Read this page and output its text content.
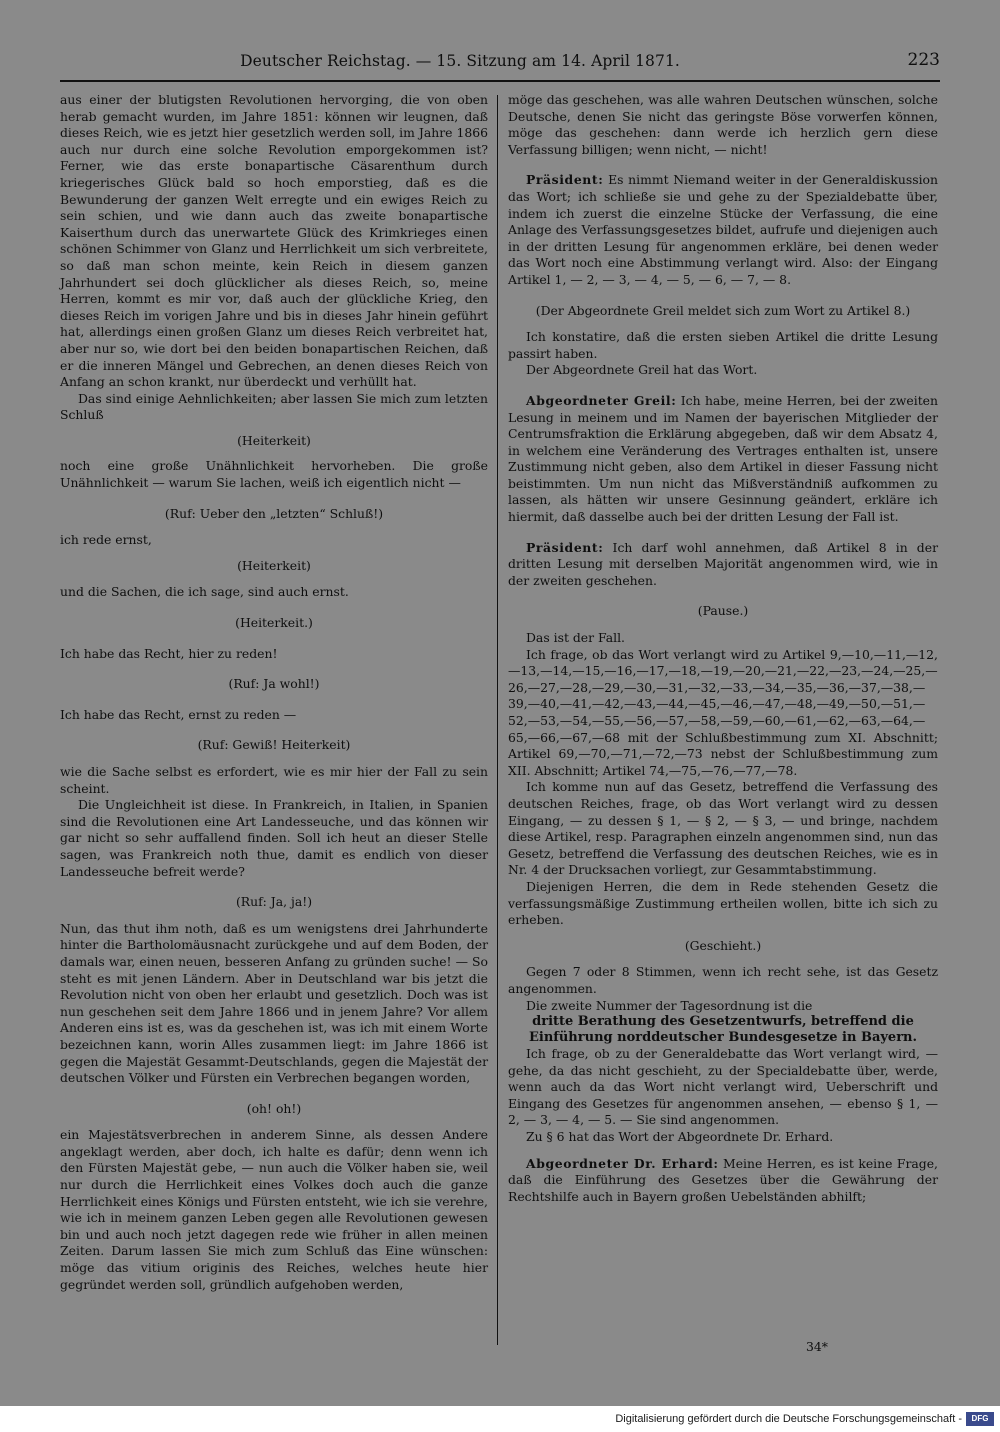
Deutscher Reichstag. — 15. Sitzung am 14. April 1871.	223

aus einer der blutigsten Revolutionen hervorging, die von oben herab gemacht wurden, im Jahre 1851: können wir leugnen, daß dieses Reich, wie es jetzt hier gesetzlich werden soll, im Jahre 1866 auch nur durch eine solche Revolution emporgekommen ist? Ferner, wie das erste bonapartische Cäsarenthum durch kriegerisches Glück bald so hoch emporstieg, daß es die Bewunderung der ganzen Welt erregte und ein ewiges Reich zu sein schien, und wie dann auch das zweite bonapartische Kaiserthum durch das unerwartete Glück des Krimkrieges einen schönen Schimmer von Glanz und Herrlichkeit um sich verbreitete, so daß man schon meinte, kein Reich in diesem ganzen Jahrhundert sei doch glücklicher als dieses Reich, so, meine Herren, kommt es mir vor, daß auch der glückliche Krieg, den dieses Reich im vorigen Jahre und bis in dieses Jahr hinein geführt hat, allerdings einen großen Glanz um dieses Reich verbreitet hat, aber nur so, wie dort bei den beiden bonapartischen Reichen, daß er die inneren Mängel und Gebrechen, an denen dieses Reich von Anfang an schon krankt, nur überdeckt und verhüllt hat.

Das sind einige Aehnlichkeiten; aber lassen Sie mich zum letzten Schluß

(Heiterkeit)

noch eine große Unähnlichkeit hervorheben. Die große Unähnlichkeit — warum Sie lachen, weiß ich eigentlich nicht —

(Ruf: Ueber den „letzten“ Schluß!)

ich rede ernst,

(Heiterkeit)

und die Sachen, die ich sage, sind auch ernst.

(Heiterkeit.)

Ich habe das Recht, hier zu reden!

(Ruf: Ja wohl!)

Ich habe das Recht, ernst zu reden —

(Ruf: Gewiß! Heiterkeit)

wie die Sache selbst es erfordert, wie es mir hier der Fall zu sein scheint.

Die Ungleichheit ist diese. In Frankreich, in Italien, in Spanien sind die Revolutionen eine Art Landesseuche, und das können wir gar nicht so sehr auffallend finden. Soll ich heut an dieser Stelle sagen, was Frankreich noth thue, damit es endlich von dieser Landesseuche befreit werde?

(Ruf: Ja, ja!)

Nun, das thut ihm noth, daß es um wenigstens drei Jahrhunderte hinter die Bartholomäusnacht zurückgehe und auf dem Boden, der damals war, einen neuen, besseren Anfang zu gründen suche! — So steht es mit jenen Ländern. Aber in Deutschland war bis jetzt die Revolution nicht von oben her erlaubt und gesetzlich. Doch was ist nun geschehen seit dem Jahre 1866 und in jenem Jahre? Vor allem Anderen eins ist es, was da geschehen ist, was ich mit einem Worte bezeichnen kann, worin Alles zusammen liegt: im Jahre 1866 ist gegen die Majestät Gesammt-Deutschlands, gegen die Majestät der deutschen Völker und Fürsten ein Verbrechen begangen worden,

(oh! oh!)

ein Majestätsverbrechen in anderem Sinne, als dessen Andere angeklagt werden, aber doch, ich halte es dafür; denn wenn ich den Fürsten Majestät gebe, — nun auch die Völker haben sie, weil nur durch die Herrlichkeit eines Volkes doch auch die ganze Herrlichkeit eines Königs und Fürsten entsteht, wie ich sie verehre, wie ich in meinem ganzen Leben gegen alle Revolutionen gewesen bin und auch noch jetzt dagegen rede wie früher in allen meinen Zeiten. Darum lassen Sie mich zum Schluß das Eine wünschen: möge das vitium originis des Reiches, welches heute hier gegründet werden soll, gründlich aufgehoben werden,

möge das geschehen, was alle wahren Deutschen wünschen, solche Deutsche, denen Sie nicht das geringste Böse vorwerfen können, möge das geschehen: dann werde ich herzlich gern diese Verfassung billigen; wenn nicht, — nicht!

Präsident: Es nimmt Niemand weiter in der Generaldiskussion das Wort; ich schließe sie und gehe zu der Spezialdebatte über, indem ich zuerst die einzelne Stücke der Verfassung, die eine Anlage des Verfassungsgesetzes bildet, aufrufe und diejenigen auch in der dritten Lesung für angenommen erkläre, bei denen weder das Wort noch eine Abstimmung verlangt wird. Also: der Eingang Artikel 1, — 2, — 3, — 4, — 5, — 6, — 7, — 8.

(Der Abgeordnete Greil meldet sich zum Wort zu Artikel 8.)

Ich konstatire, daß die ersten sieben Artikel die dritte Lesung passirt haben.

Der Abgeordnete Greil hat das Wort.

Abgeordneter Greil: Ich habe, meine Herren, bei der zweiten Lesung in meinem und im Namen der bayerischen Mitglieder der Centrumsfraktion die Erklärung abgegeben, daß wir dem Absatz 4, in welchem eine Veränderung des Vertrages enthalten ist, unsere Zustimmung nicht geben, also dem Artikel in dieser Fassung nicht beistimmten. Um nun nicht das Mißverständniß aufkommen zu lassen, als hätten wir unsere Gesinnung geändert, erkläre ich hiermit, daß dasselbe auch bei der dritten Lesung der Fall ist.

Präsident: Ich darf wohl annehmen, daß Artikel 8 in der dritten Lesung mit derselben Majorität angenommen wird, wie in der zweiten geschehen.

(Pause.)

Das ist der Fall.

Ich frage, ob das Wort verlangt wird zu Artikel 9,—10,—11,—12,—13,—14,—15,—16,—17,—18,—19,—20,—21,—22,—23,—24,—25,—26,—27,—28,—29,—30,—31,—32,—33,—34,—35,—36,—37,—38,—39,—40,—41,—42,—43,—44,—45,—46,—47,—48,—49,—50,—51,—52,—53,—54,—55,—56,—57,—58,—59,—60,—61,—62,—63,—64,—65,—66,—67,—68 mit der Schlußbestimmung zum XI. Abschnitt; Artikel 69,—70,—71,—72,—73 nebst der Schlußbestimmung zum XII. Abschnitt; Artikel 74,—75,—76,—77,—78.

Ich komme nun auf das Gesetz, betreffend die Verfassung des deutschen Reiches, frage, ob das Wort verlangt wird zu dessen Eingang, — zu dessen § 1, — § 2, — § 3, — und bringe, nachdem diese Artikel, resp. Paragraphen einzeln angenommen sind, nun das Gesetz, betreffend die Verfassung des deutschen Reiches, wie es in Nr. 4 der Drucksachen vorliegt, zur Gesammtabstimmung.

Diejenigen Herren, die dem in Rede stehenden Gesetz die verfassungsmäßige Zustimmung ertheilen wollen, bitte ich sich zu erheben.

(Geschieht.)

Gegen 7 oder 8 Stimmen, wenn ich recht sehe, ist das Gesetz angenommen.

Die zweite Nummer der Tagesordnung ist die

dritte Berathung des Gesetzentwurfs, betreffend die Einführung norddeutscher Bundesgesetze in Bayern.

Ich frage, ob zu der Generaldebatte das Wort verlangt wird, — gehe, da das nicht geschieht, zu der Specialdebatte über, werde, wenn auch da das Wort nicht verlangt wird, Ueberschrift und Eingang des Gesetzes für angenommen ansehen, — ebenso § 1, — 2, — 3, — 4, — 5. — Sie sind angenommen.

Zu § 6 hat das Wort der Abgeordnete Dr. Erhard.

Abgeordneter Dr. Erhard: Meine Herren, es ist keine Frage, daß die Einführung des Gesetzes über die Gewährung der Rechtshilfe auch in Bayern großen Uebelständen abhilft;

34*
Digitalisierung gefördert durch die Deutsche Forschungsgemeinschaft -	DFG
